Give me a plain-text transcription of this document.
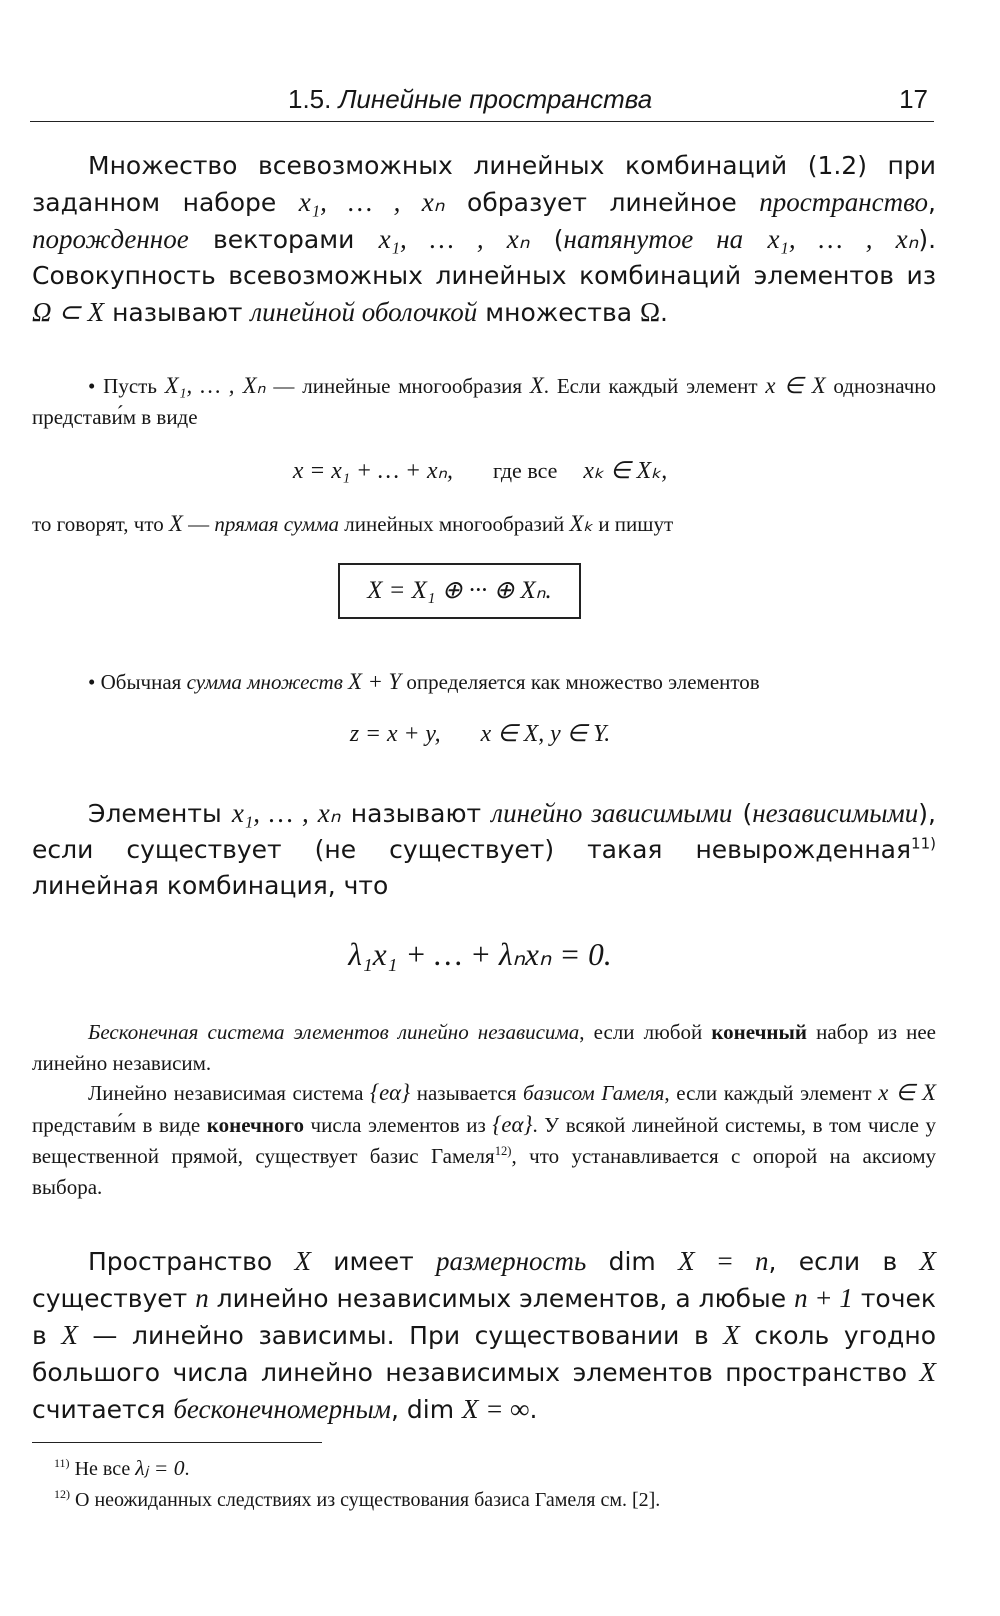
1.5. Линейные пространства	17

Множество всевозможных линейных комбинаций (1.2) при заданном наборе x₁, … , xₙ образует линейное пространство, порожденное векторами x₁, … , xₙ (натянутое на x₁, … , xₙ). Совокупность всевозможных линейных комбинаций элементов из Ω ⊂ X называют линейной оболочкой множества Ω.

• Пусть X₁, … , Xₙ — линейные многообразия X. Если каждый элемент x ∈ X однозначно представи́м в виде

x = x₁ + … + xₙ, где все xₖ ∈ Xₖ,

то говорят, что X — прямая сумма линейных многообразий Xₖ и пишут

X = X₁ ⊕ ··· ⊕ Xₙ.

• Обычная сумма множеств X + Y определяется как множество элементов

z = x + y, x ∈ X, y ∈ Y.

Элементы x₁, … , xₙ называют линейно зависимыми (независимыми), если существует (не существует) такая невырожденная$^{11)}$ линейная комбинация, что

λ₁x₁ + … + λₙxₙ = 0.

Бесконечная система элементов линейно независима, если любой конечный набор из нее линейно независим.

Линейно независимая система {eα} называется базисом Гамеля, если каждый элемент x ∈ X представи́м в виде конечного числа элементов из {eα}. У всякой линейной системы, в том числе у вещественной прямой, существует базис Гамеля$^{12)}$, что устанавливается с опорой на аксиому выбора.

Пространство X имеет размерность dim X = n, если в X существует n линейно независимых элементов, а любые n + 1 точек в X — линейно зависимы. При существовании в X сколь угодно большого числа линейно независимых элементов пространство X считается бесконечномерным, dim X = ∞.

$^{11)}$ Не все λⱼ = 0.
$^{12)}$ О неожиданных следствиях из существования базиса Гамеля см. [2].
